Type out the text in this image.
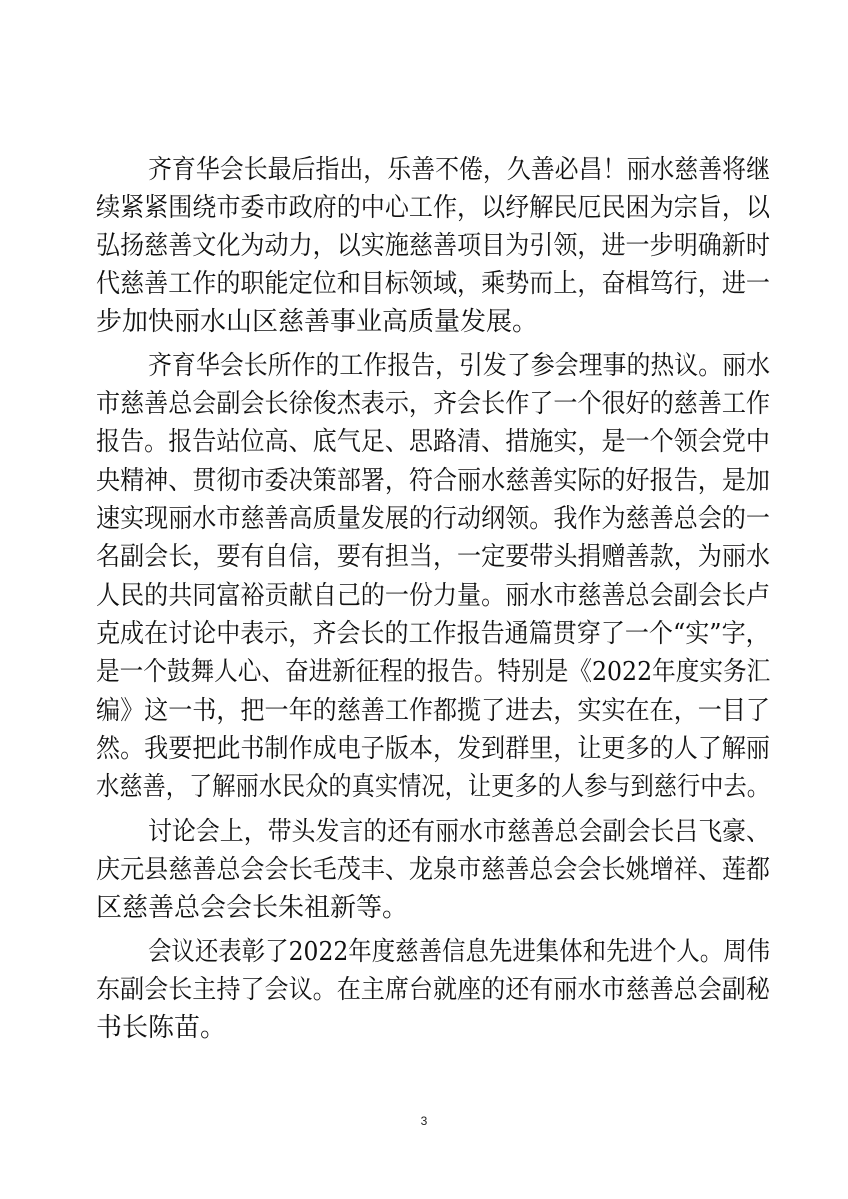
齐育华会长最后指出，乐善不倦，久善必昌！丽水慈善将继
续紧紧围绕市委市政府的中心工作，以纾解民厄民困为宗旨，以
弘扬慈善文化为动力，以实施慈善项目为引领，进一步明确新时
代慈善工作的职能定位和目标领域，乘势而上，奋楫笃行，进一
步加快丽水山区慈善事业高质量发展。
齐育华会长所作的工作报告，引发了参会理事的热议。丽水
市慈善总会副会长徐俊杰表示，齐会长作了一个很好的慈善工作
报告。报告站位高、底气足、思路清、措施实，是一个领会党中
央精神、贯彻市委决策部署，符合丽水慈善实际的好报告，是加
速实现丽水市慈善高质量发展的行动纲领。我作为慈善总会的一
名副会长，要有自信，要有担当，一定要带头捐赠善款，为丽水
人民的共同富裕贡献自己的一份力量。丽水市慈善总会副会长卢
克成在讨论中表示，齐会长的工作报告通篇贯穿了一个“实”字，
是一个鼓舞人心、奋进新征程的报告。特别是《2022年度实务汇
编》这一书，把一年的慈善工作都揽了进去，实实在在，一目了
然。我要把此书制作成电子版本，发到群里，让更多的人了解丽
水慈善，了解丽水民众的真实情况，让更多的人参与到慈行中去。
讨论会上，带头发言的还有丽水市慈善总会副会长吕飞豪、
庆元县慈善总会会长毛茂丰、龙泉市慈善总会会长姚增祥、莲都
区慈善总会会长朱祖新等。
会议还表彰了2022年度慈善信息先进集体和先进个人。周伟
东副会长主持了会议。在主席台就座的还有丽水市慈善总会副秘
书长陈苗。
3
